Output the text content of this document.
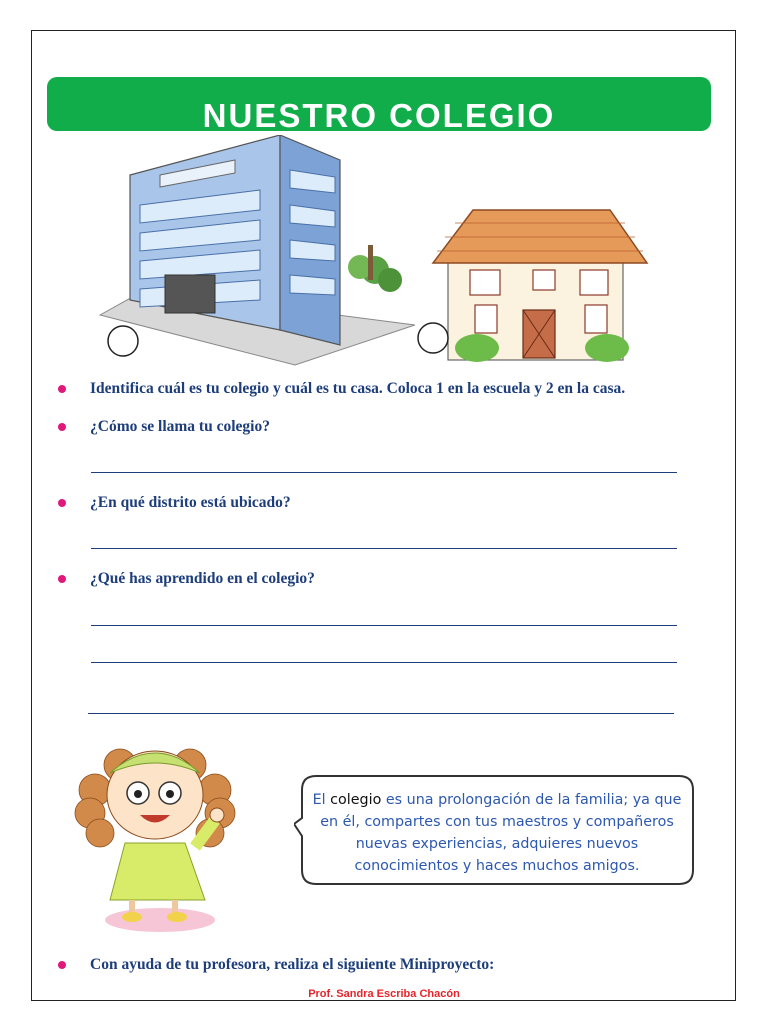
NUESTRO COLEGIO
Identifica cuál es tu colegio y cuál es tu casa. Coloca 1 en la escuela y 2 en la casa.
¿Cómo se llama tu colegio?
¿En qué distrito está ubicado?
¿Qué has aprendido en el colegio?
El colegio es una prolongación de la familia; ya que en él, compartes con tus maestros y compañeros nuevas experiencias, adquieres nuevos conocimientos y haces muchos amigos.
Con ayuda de tu profesora, realiza el siguiente Miniproyecto:
Prof. Sandra Escriba Chacón
